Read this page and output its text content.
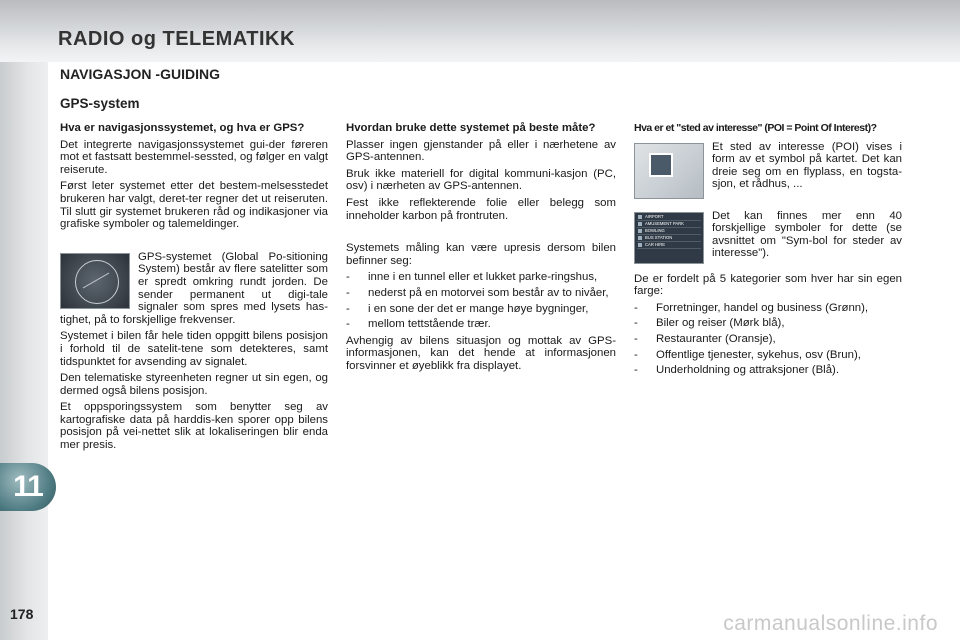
RADIO og TELEMATIKK
NAVIGASJON -GUIDING
GPS-system
Hva er navigasjonssystemet, og hva er GPS?

Det integrerte navigasjonssystemet gui-der føreren mot et fastsatt bestemmel-sessted, og følger en valgt reiserute.

Først leter systemet etter det bestem-melsesstedet brukeren har valgt, deret-ter regner det ut reiseruten. Til slutt gir systemet brukeren råd og indikasjoner via grafiske symboler og talemeldinger.

GPS-systemet (Global Po-sitioning System) består av flere satelitter som er spredt omkring rundt jorden. De sender permanent ut digi-tale signaler som spres med lysets has-tighet, på to forskjellige frekvenser.

Systemet i bilen får hele tiden oppgitt bilens posisjon i forhold til de satelit-tene som detekteres, samt tidspunktet for avsending av signalet.

Den telematiske styreenheten regner ut sin egen, og dermed også bilens posisjon.

Et oppsporingssystem som benytter seg av kartografiske data på harddis-ken sporer opp bilens posisjon på vei-nettet slik at lokaliseringen blir enda mer presis.

Hvordan bruke dette systemet på beste måte?

Plasser ingen gjenstander på eller i nærhetene av GPS-antennen.

Bruk ikke materiell for digital kommuni-kasjon (PC, osv) i nærheten av GPS-antennen.

Fest ikke reflekterende folie eller belegg som inneholder karbon på frontruten.

Systemets måling kan være upresis dersom bilen befinner seg:

- inne i en tunnel eller et lukket parke-ringshus,
- nederst på en motorvei som består av to nivåer,
- i en sone der det er mange høye bygninger,
- mellom tettstående trær.

Avhengig av bilens situasjon og mottak av GPS-informasjonen, kan det hende at informasjonen forsvinner et øyeblikk fra displayet.

Hva er et "sted av interesse" (POI = Point Of Interest)?

Et sted av interesse (POI) vises i form av et symbol på kartet. Det kan dreie seg om en flyplass, en togsta-sjon, et rådhus, ...

AIRPORT
AMUSEMENT PARK
BOWLING
BUS STATION
CAR HIRE

Det kan finnes mer enn 40 forskjellige symboler for dette (se avsnittet om "Sym-bol for steder av interesse").

De er fordelt på 5 kategorier som hver har sin egen farge:

- Forretninger, handel og business (Grønn),
- Biler og reiser (Mørk blå),
- Restauranter (Oransje),
- Offentlige tjenester, sykehus, osv (Brun),
- Underholdning og attraksjoner (Blå).
11
178	carmanualsonline.info
